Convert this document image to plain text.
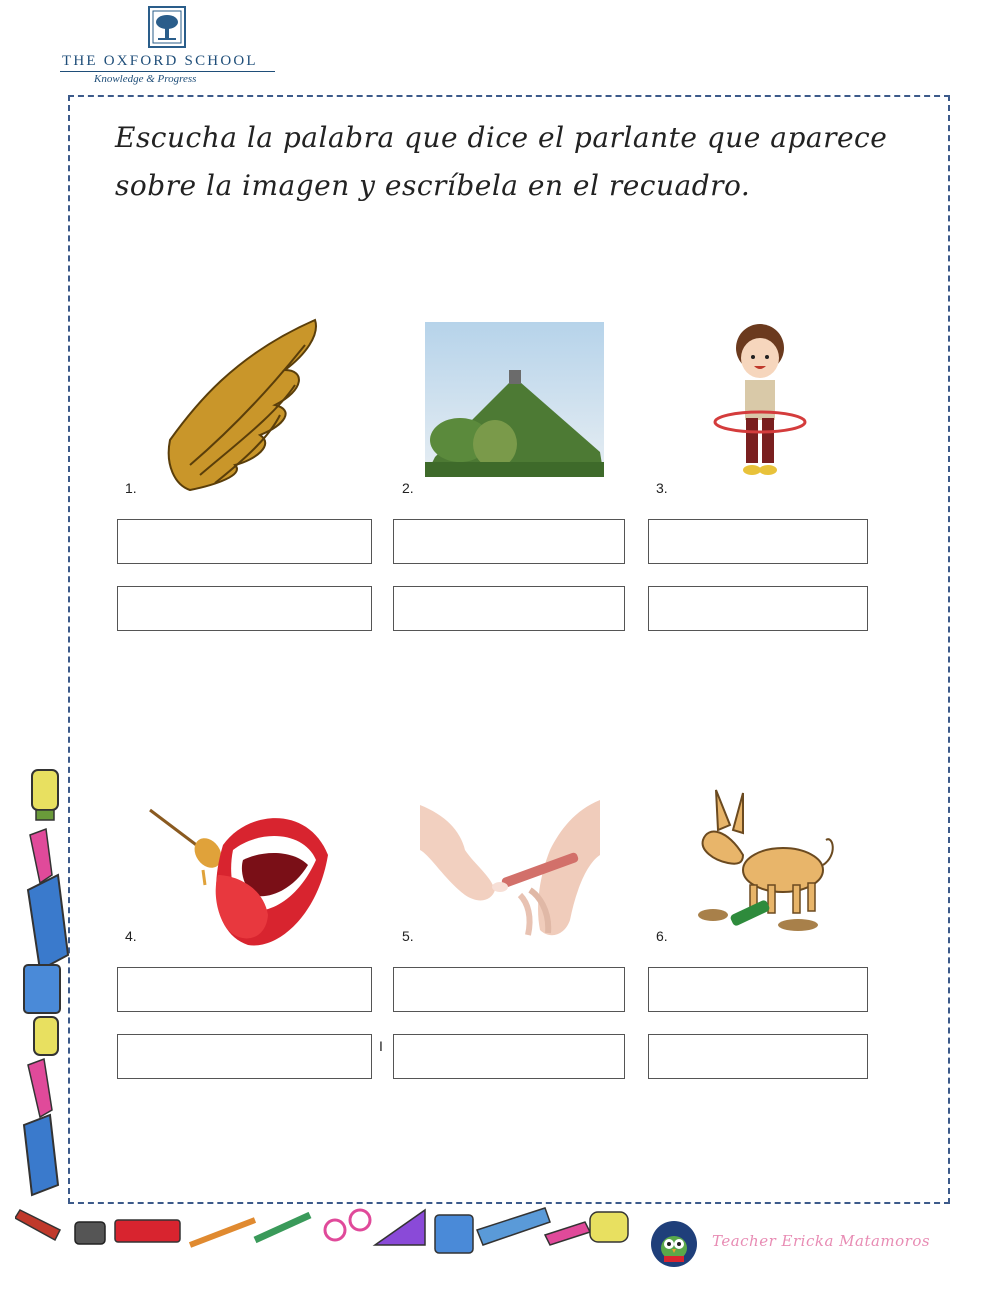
THE OXFORD SCHOOL
Knowledge & Progress
Escucha la palabra que dice el parlante que aparece sobre la imagen y escríbela en el recuadro.
1.	2.	3.
4.	5.	6.
I
Teacher Ericka Matamoros
